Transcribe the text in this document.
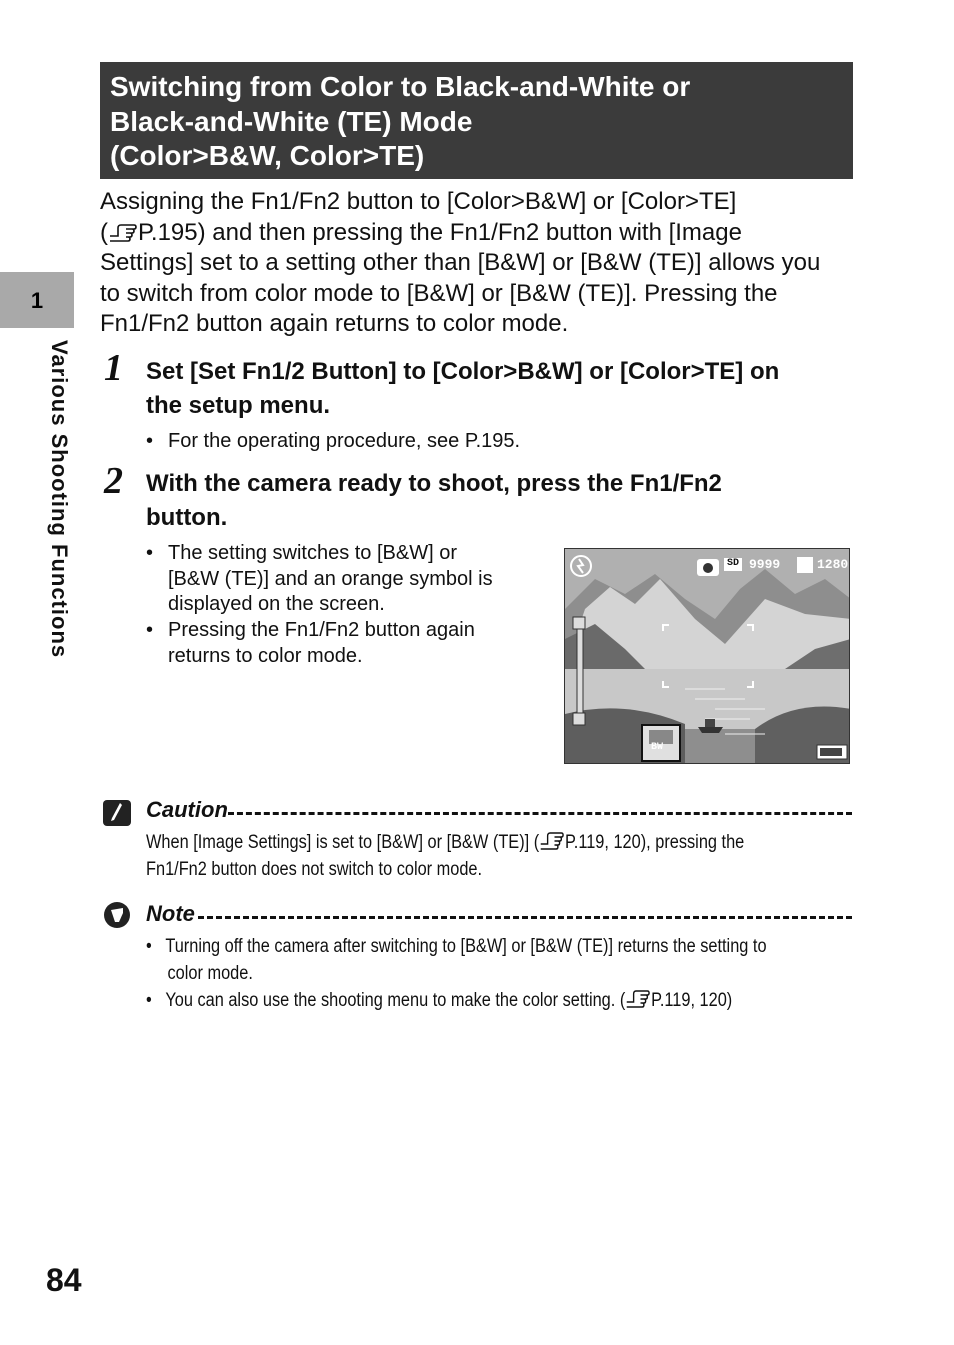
1
Various Shooting Functions
Switching from Color to Black-and-White or
Black-and-White (TE) Mode
(Color>B&W, Color>TE)
Assigning the Fn1/Fn2 button to [Color>B&W] or [Color>TE]
( P.195) and then pressing the Fn1/Fn2 button with [Image
Settings] set to a setting other than [B&W] or [B&W (TE)] allows you
to switch from color mode to [B&W] or [B&W (TE)]. Pressing the
Fn1/Fn2 button again returns to color mode.
1 Set [Set Fn1/2 Button] to [Color>B&W] or [Color>TE] on
the setup menu.
• For the operating procedure, see P.195.
2 With the camera ready to shoot, press the Fn1/Fn2
button.
• The setting switches to [B&W] or
[B&W (TE)] and an orange symbol is
displayed on the screen.
• Pressing the Fn1/Fn2 button again
returns to color mode.
SD 9999	1280
BW
Caution
When [Image Settings] is set to [B&W] or [B&W (TE)] ( P.119, 120), pressing the
Fn1/Fn2 button does not switch to color mode.
Note
•   Turning off the camera after switching to [B&W] or [B&W (TE)] returns the setting to
color mode.
•   You can also use the shooting menu to make the color setting. ( P.119, 120)
84
